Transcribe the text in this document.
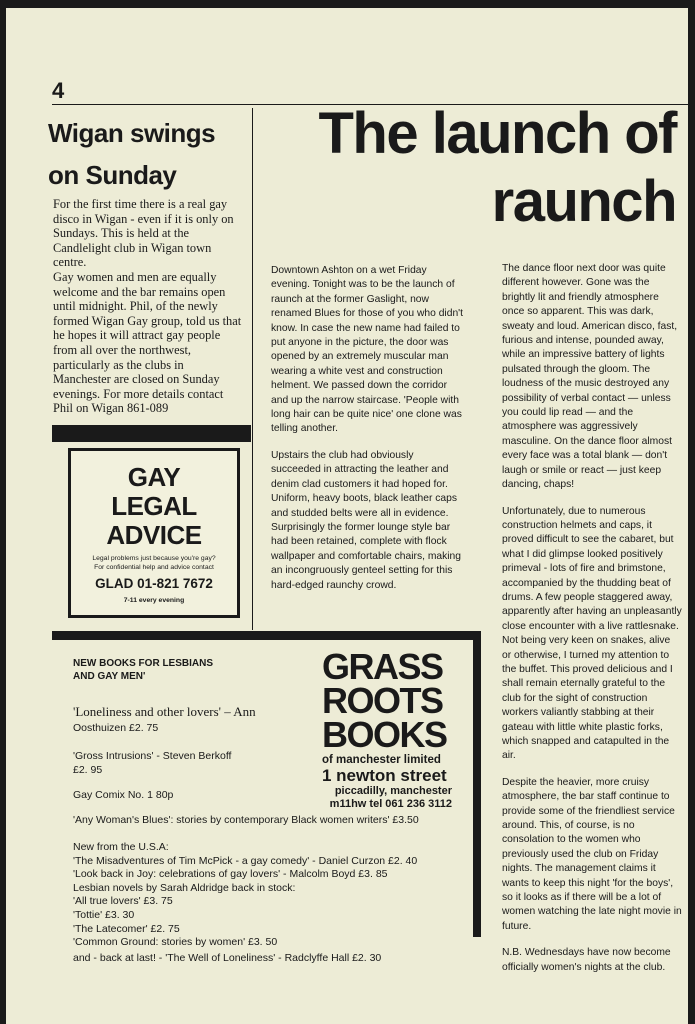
4
Wigan swings on Sunday

For the first time there is a real gay disco in Wigan - even if it is only on Sundays. This is held at the Candlelight club in Wigan town centre.

Gay women and men are equally welcome and the bar remains open until midnight. Phil, of the newly formed Wigan Gay group, told us that he hopes it will attract gay people from all over the northwest, particularly as the clubs in Manchester are closed on Sunday evenings. For more details contact Phil on Wigan 861-089

The launch of raunch

Downtown Ashton on a wet Friday evening. Tonight was to be the launch of raunch at the former Gaslight, now renamed Blues for those of you who didn't know. In case the new name had failed to put anyone in the picture, the door was opened by an extremely muscular man wearing a white vest and construction helment. We passed down the corridor and up the narrow staircase. 'People with long hair can be quite nice' one clone was telling another.

Upstairs the club had obviously succeeded in attracting the leather and denim clad customers it had hoped for. Uniform, heavy boots, black leather caps and studded belts were all in evidence. Surprisingly the former lounge style bar had been retained, complete with flock wallpaper and comfortable chairs, making an incongruously genteel setting for this hard-edged raunchy crowd.

The dance floor next door was quite different however. Gone was the brightly lit and friendly atmosphere once so apparent. This was dark, sweaty and loud. American disco, fast, furious and intense, pounded away, while an impressive battery of lights pulsated through the gloom. The loudness of the music destroyed any possibility of verbal contact — unless you could lip read — and the atmosphere was aggressively masculine. On the dance floor almost every face was a total blank — don't laugh or smile or react — just keep dancing, chaps!

Unfortunately, due to numerous construction helmets and caps, it proved difficult to see the cabaret, but what I did glimpse looked positively primeval - lots of fire and brimstone, accompanied by the thudding beat of drums. A few people staggered away, apparently after having an unpleasantly close encounter with a live rattlesnake. Not being very keen on snakes, alive or otherwise, I turned my attention to the buffet. This proved delicious and I shall remain eternally grateful to the club for the sight of construction workers valiantly stabbing at their gateau with little white plastic forks, which snapped and catapulted in the air.

Despite the heavier, more cruisy atmosphere, the bar staff continue to provide some of the friendliest service around. This, of course, is no consolation to the women who previously used the club on Friday nights. The management claims it wants to keep this night 'for the boys', so it looks as if there will be a lot of women watching the late night movie in future.

N.B. Wednesdays have now become officially women's nights at the club.

GAY
LEGAL
ADVICE
Legal problems just because you're gay?
For confidential help and advice contact
GLAD 01-821 7672
7-11 every evening
NEW BOOKS FOR LESBIANS
AND GAY MEN'

'Loneliness and other lovers' – Ann

Oosthuizen £2. 75

'Gross Intrusions' - Steven Berkoff

£2. 95

Gay Comix No. 1 80p
'Any Woman's Blues': stories by contemporary Black women writers' £3.50

New from the U.S.A:

'The Misadventures of Tim McPick - a gay comedy' - Daniel Curzon £2. 40

'Look back in Joy: celebrations of gay lovers' - Malcolm Boyd £3. 85

Lesbian novels by Sarah Aldridge back in stock:

'All true lovers' £3. 75

'Tottie' £3. 30

'The Latecomer' £2. 75

'Common Ground: stories by women' £3. 50

and - back at last! - 'The Well of Loneliness' - Radclyffe Hall £2. 30
GRASS
ROOTS
BOOKS
of manchester limited
1 newton street
piccadilly, manchester
m11hw tel 061 236 3112
